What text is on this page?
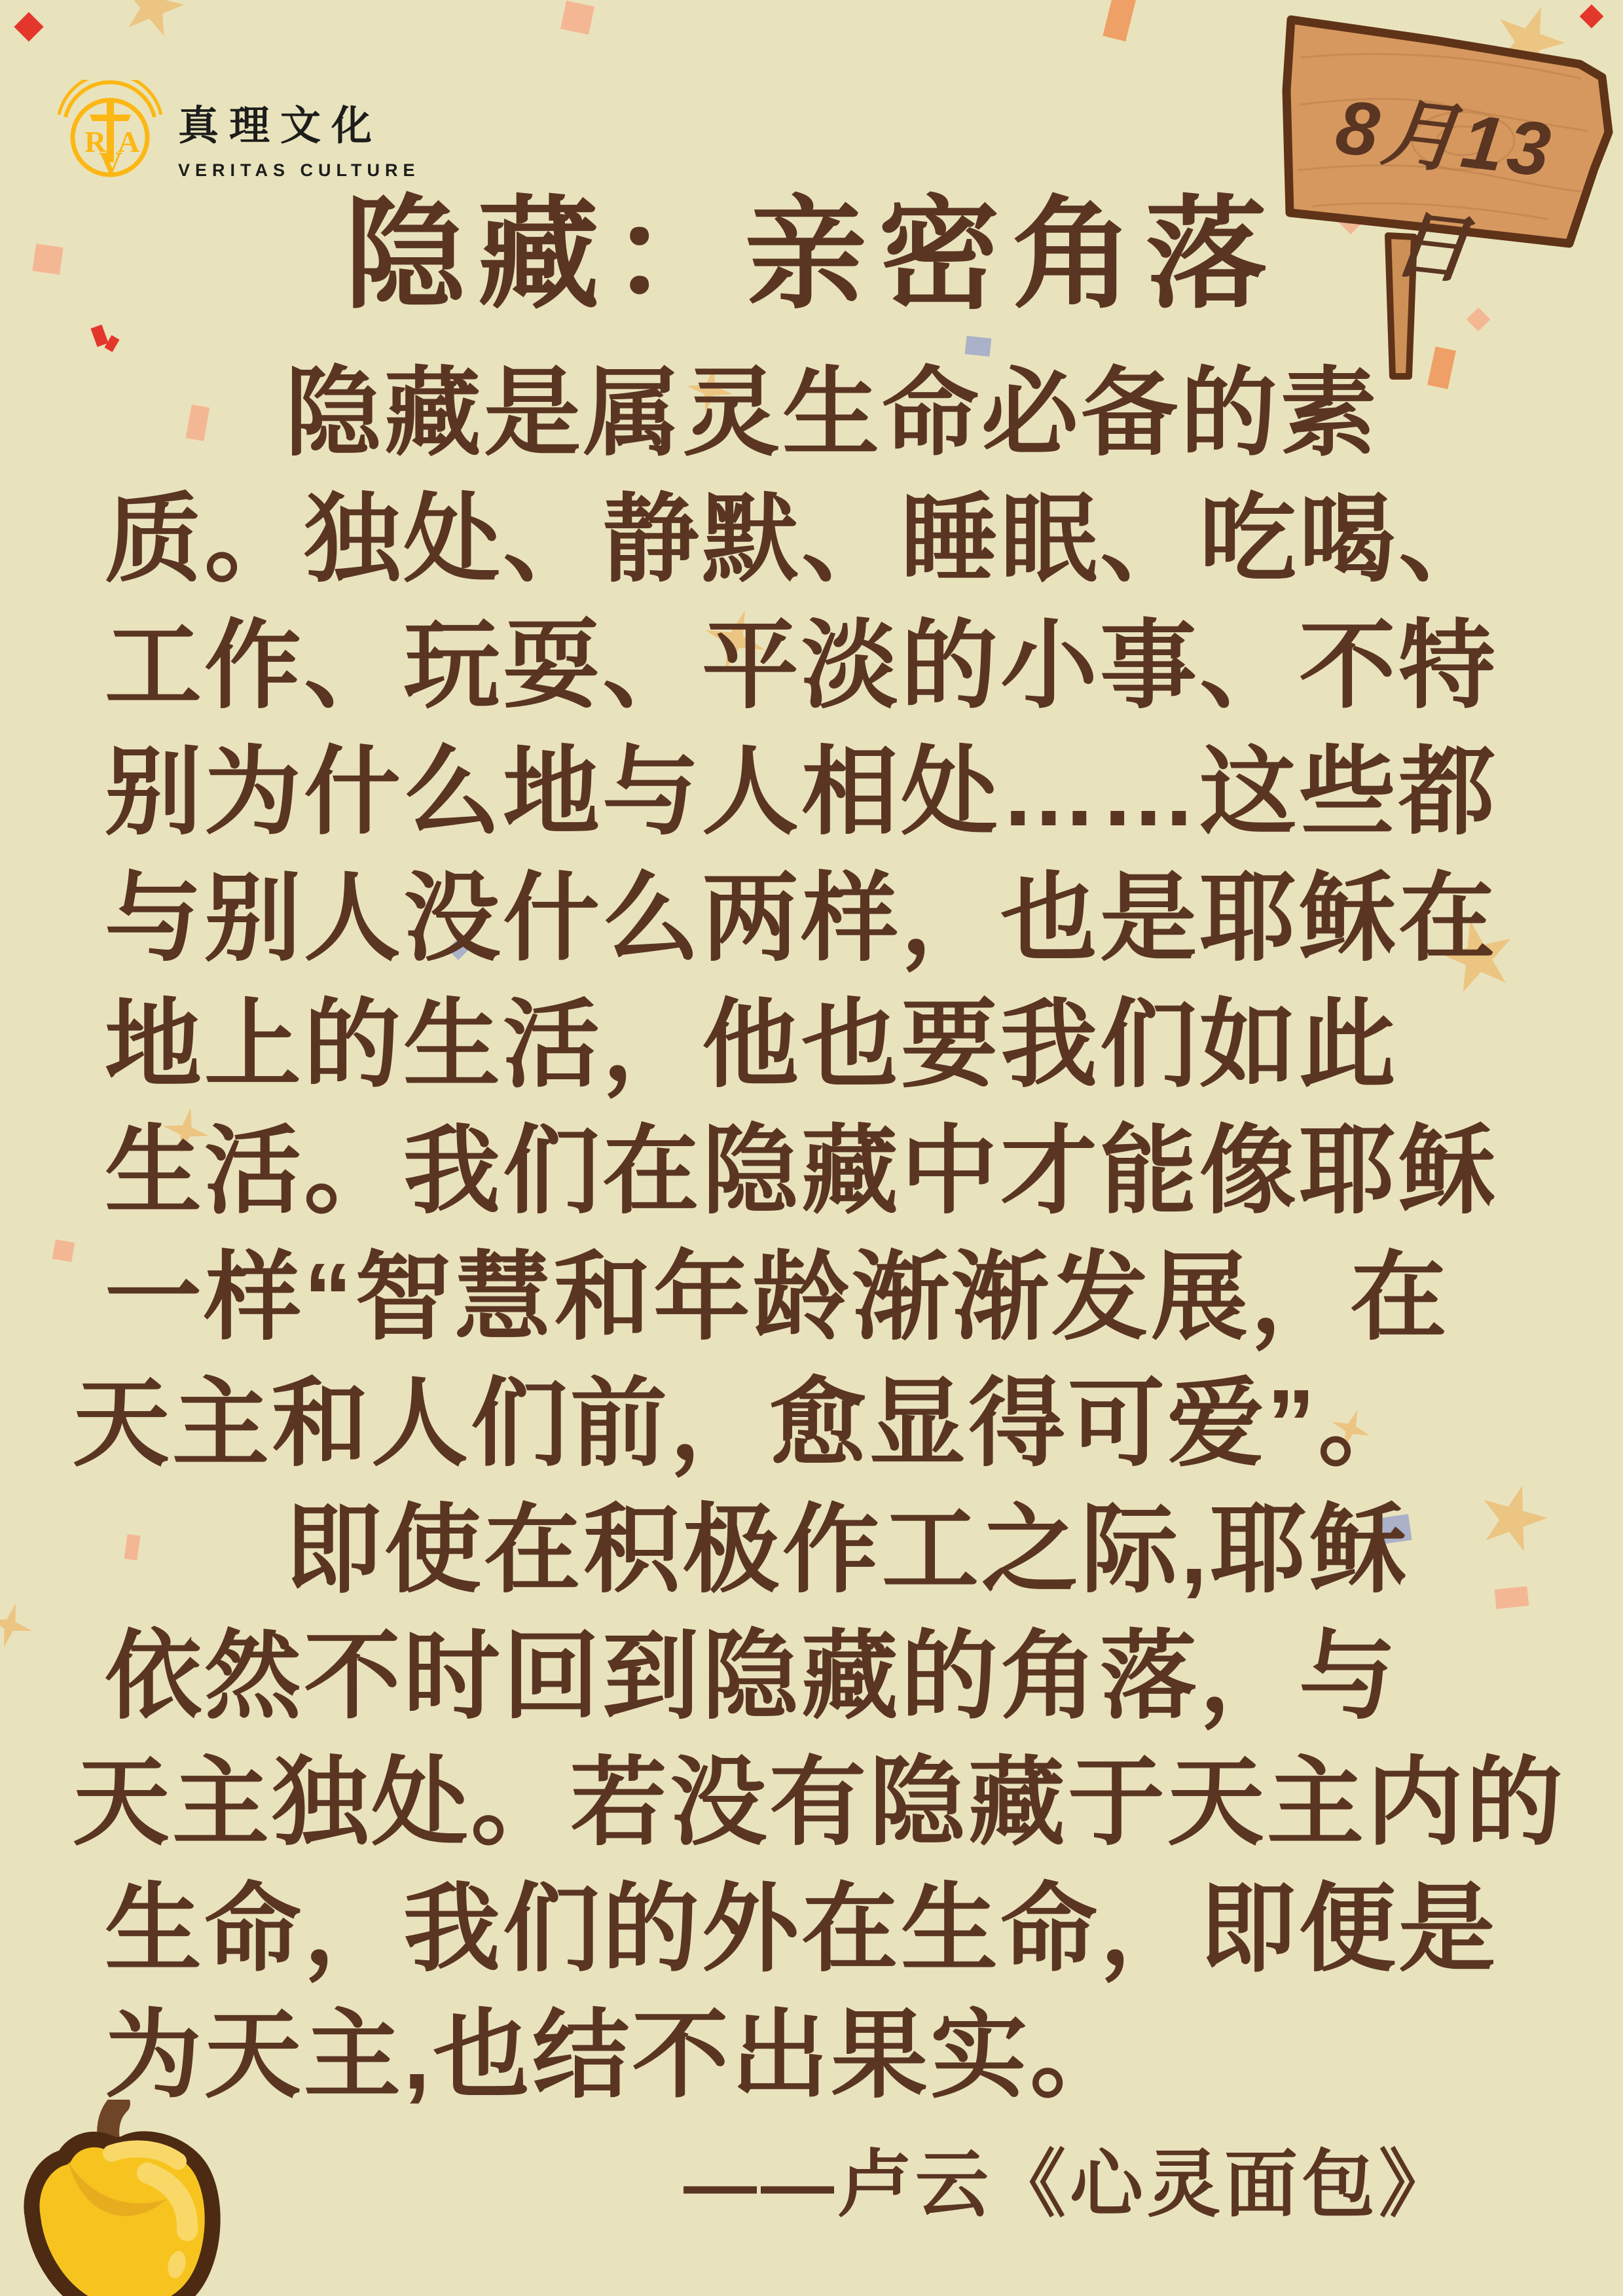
R A
V
真理文化
VERITAS CULTURE	8月13日
隐藏：亲密角落
隐藏是属灵生命必备的素
质。独处、静默、睡眠、吃喝、
工作、玩耍、平淡的小事、不特
别为什么地与人相处……这些都
与别人没什么两样，也是耶稣在
地上的生活，他也要我们如此
生活。我们在隐藏中才能像耶稣
一样“智慧和年龄渐渐发展，在
天主和人们前，愈显得可爱”。
即使在积极作工之际,耶稣
依然不时回到隐藏的角落，与
天主独处。若没有隐藏于天主内的
生命，我们的外在生命，即便是
为天主,也结不出果实。
——卢云《心灵面包》
